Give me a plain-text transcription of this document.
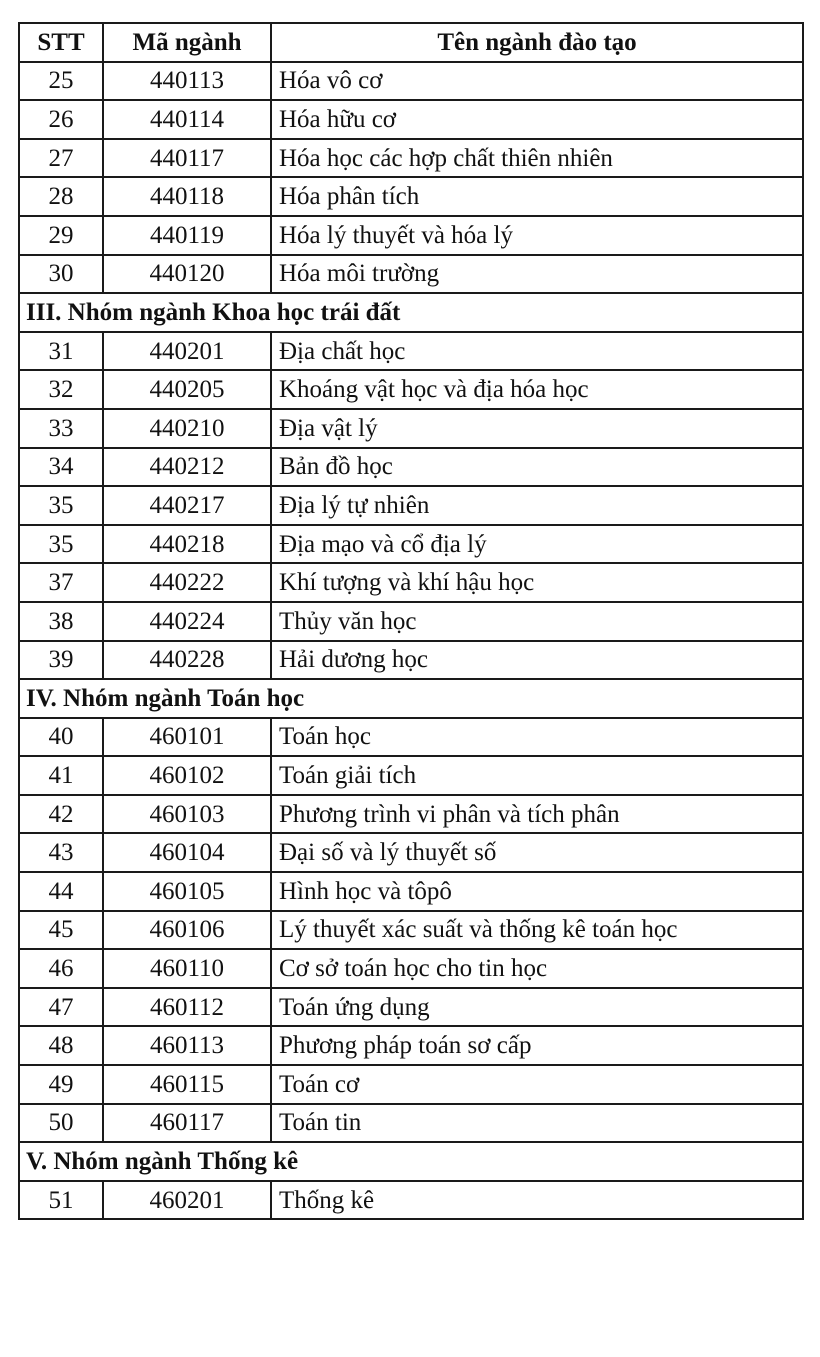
STT	Mã ngành	Tên ngành đào tạo
25	440113	Hóa vô cơ
26	440114	Hóa hữu cơ
27	440117	Hóa học các hợp chất thiên nhiên
28	440118	Hóa phân tích
29	440119	Hóa lý thuyết và hóa lý
30	440120	Hóa môi trường
III. Nhóm ngành Khoa học trái đất		
31	440201	Địa chất học
32	440205	Khoáng vật học và địa hóa học
33	440210	Địa vật lý
34	440212	Bản đồ học
35	440217	Địa lý tự nhiên
35	440218	Địa mạo và cổ địa lý
37	440222	Khí tượng và khí hậu học
38	440224	Thủy văn học
39	440228	Hải dương học
IV. Nhóm ngành Toán học		
40	460101	Toán học
41	460102	Toán giải tích
42	460103	Phương trình vi phân và tích phân
43	460104	Đại số và lý thuyết số
44	460105	Hình học và tôpô
45	460106	Lý thuyết xác suất và thống kê toán học
46	460110	Cơ sở toán học cho tin học
47	460112	Toán ứng dụng
48	460113	Phương pháp toán sơ cấp
49	460115	Toán cơ
50	460117	Toán tin
V. Nhóm ngành Thống kê		
51	460201	Thống kê
